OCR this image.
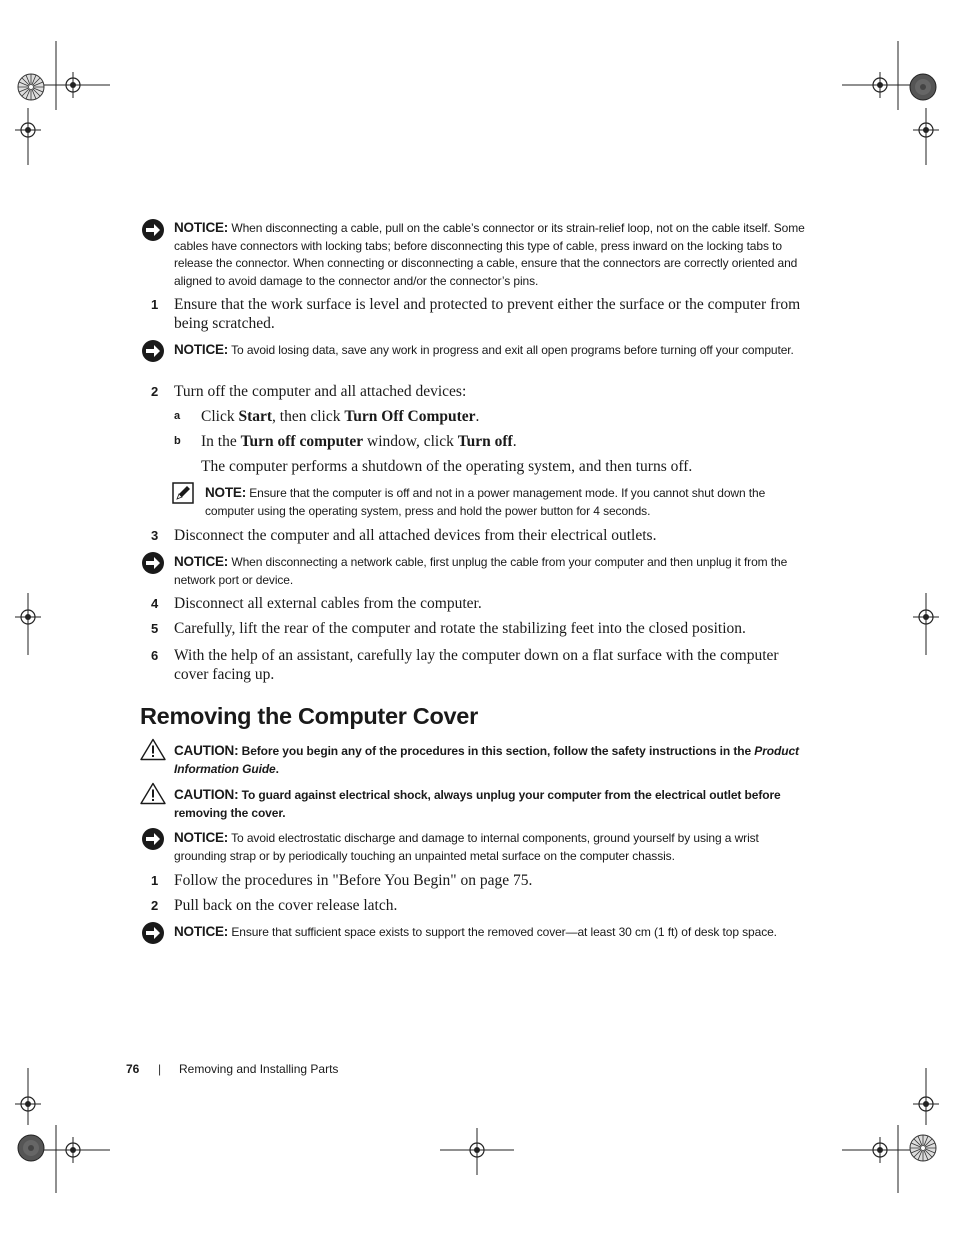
NOTICE: When disconnecting a cable, pull on the cable’s connector or its strain-relief loop, not on the cable itself. Some cables have connectors with locking tabs; before disconnecting this type of cable, press inward on the locking tabs to release the connector. When connecting or disconnecting a cable, ensure that the connectors are correctly oriented and aligned to avoid damage to the connector and/or the connector’s pins.
1 Ensure that the work surface is level and protected to prevent either the surface or the computer from being scratched.
NOTICE: To avoid losing data, save any work in progress and exit all open programs before turning off your computer.
2 Turn off the computer and all attached devices:
a Click Start, then click Turn Off Computer.
b In the Turn off computer window, click Turn off.
The computer performs a shutdown of the operating system, and then turns off.
NOTE: Ensure that the computer is off and not in a power management mode. If you cannot shut down the computer using the operating system, press and hold the power button for 4 seconds.
3 Disconnect the computer and all attached devices from their electrical outlets.
NOTICE: When disconnecting a network cable, first unplug the cable from your computer and then unplug it from the network port or device.
4 Disconnect all external cables from the computer.
5 Carefully, lift the rear of the computer and rotate the stabilizing feet into the closed position.
6 With the help of an assistant, carefully lay the computer down on a flat surface with the computer cover facing up.
Removing the Computer Cover
CAUTION: Before you begin any of the procedures in this section, follow the safety instructions in the Product Information Guide.
CAUTION: To guard against electrical shock, always unplug your computer from the electrical outlet before removing the cover.
NOTICE: To avoid electrostatic discharge and damage to internal components, ground yourself by using a wrist grounding strap or by periodically touching an unpainted metal surface on the computer chassis.
1 Follow the procedures in "Before You Begin" on page 75.
2 Pull back on the cover release latch.
NOTICE: Ensure that sufficient space exists to support the removed cover—at least 30 cm (1 ft) of desk top space.
76 | Removing and Installing Parts
